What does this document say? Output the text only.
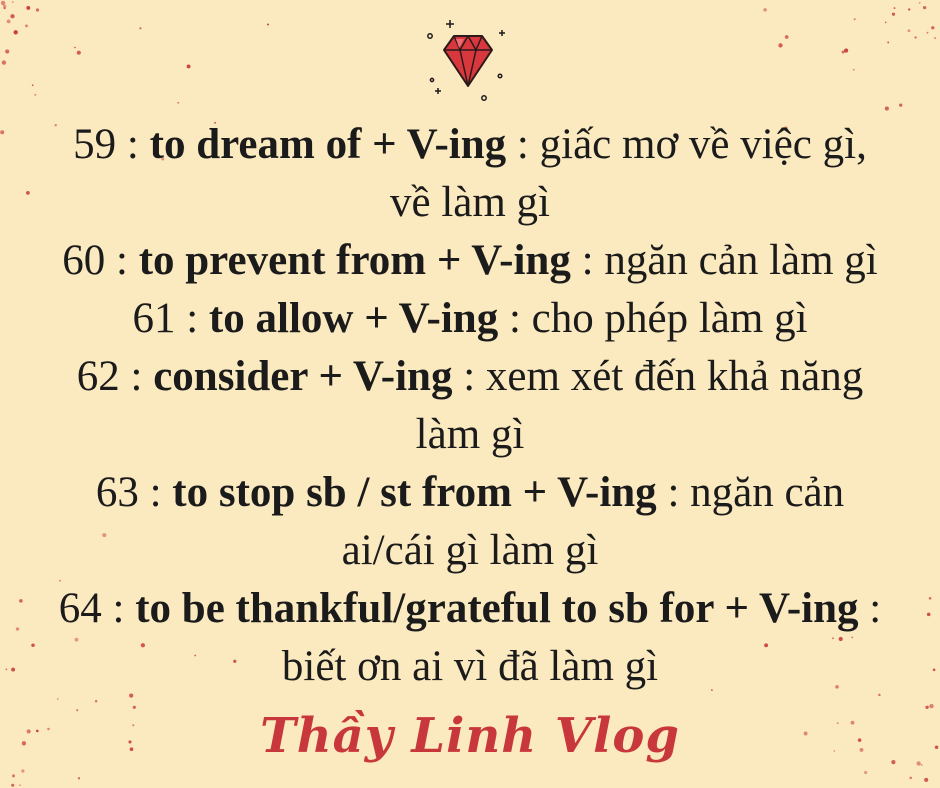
59 : to dream of + V-ing : giấc mơ về việc gì,

về làm gì

60 : to prevent from + V-ing : ngăn cản làm gì

61 : to allow + V-ing : cho phép làm gì

62 : consider + V-ing : xem xét đến khả năng

làm gì

63 : to stop sb / st from + V-ing : ngăn cản

ai/cái gì làm gì

64 : to be thankful/grateful to sb for + V-ing :

biết ơn ai vì đã làm gì

Thầy Linh Vlog
